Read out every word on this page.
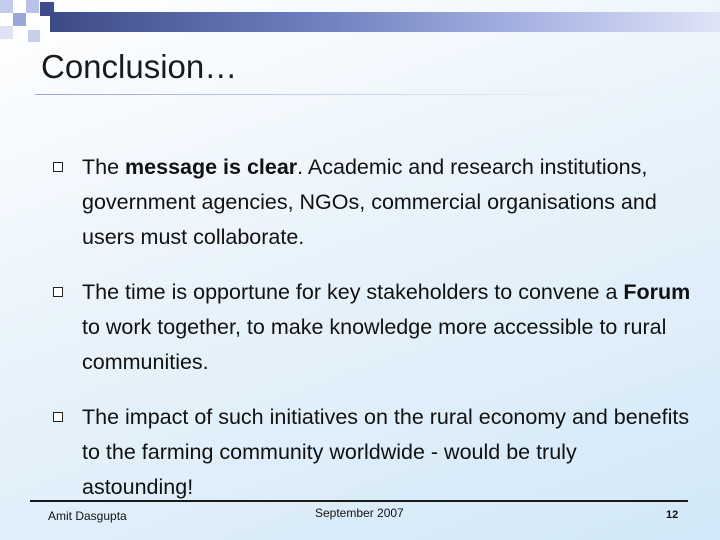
Conclusion…
The message is clear. Academic and research institutions, government agencies, NGOs, commercial organisations and users must collaborate.
The time is opportune for key stakeholders to convene a Forum to work together, to make knowledge more accessible to rural communities.
The impact of such initiatives on the rural economy and benefits to the farming community worldwide - would be truly astounding!
Amit Dasgupta	September 2007	12
